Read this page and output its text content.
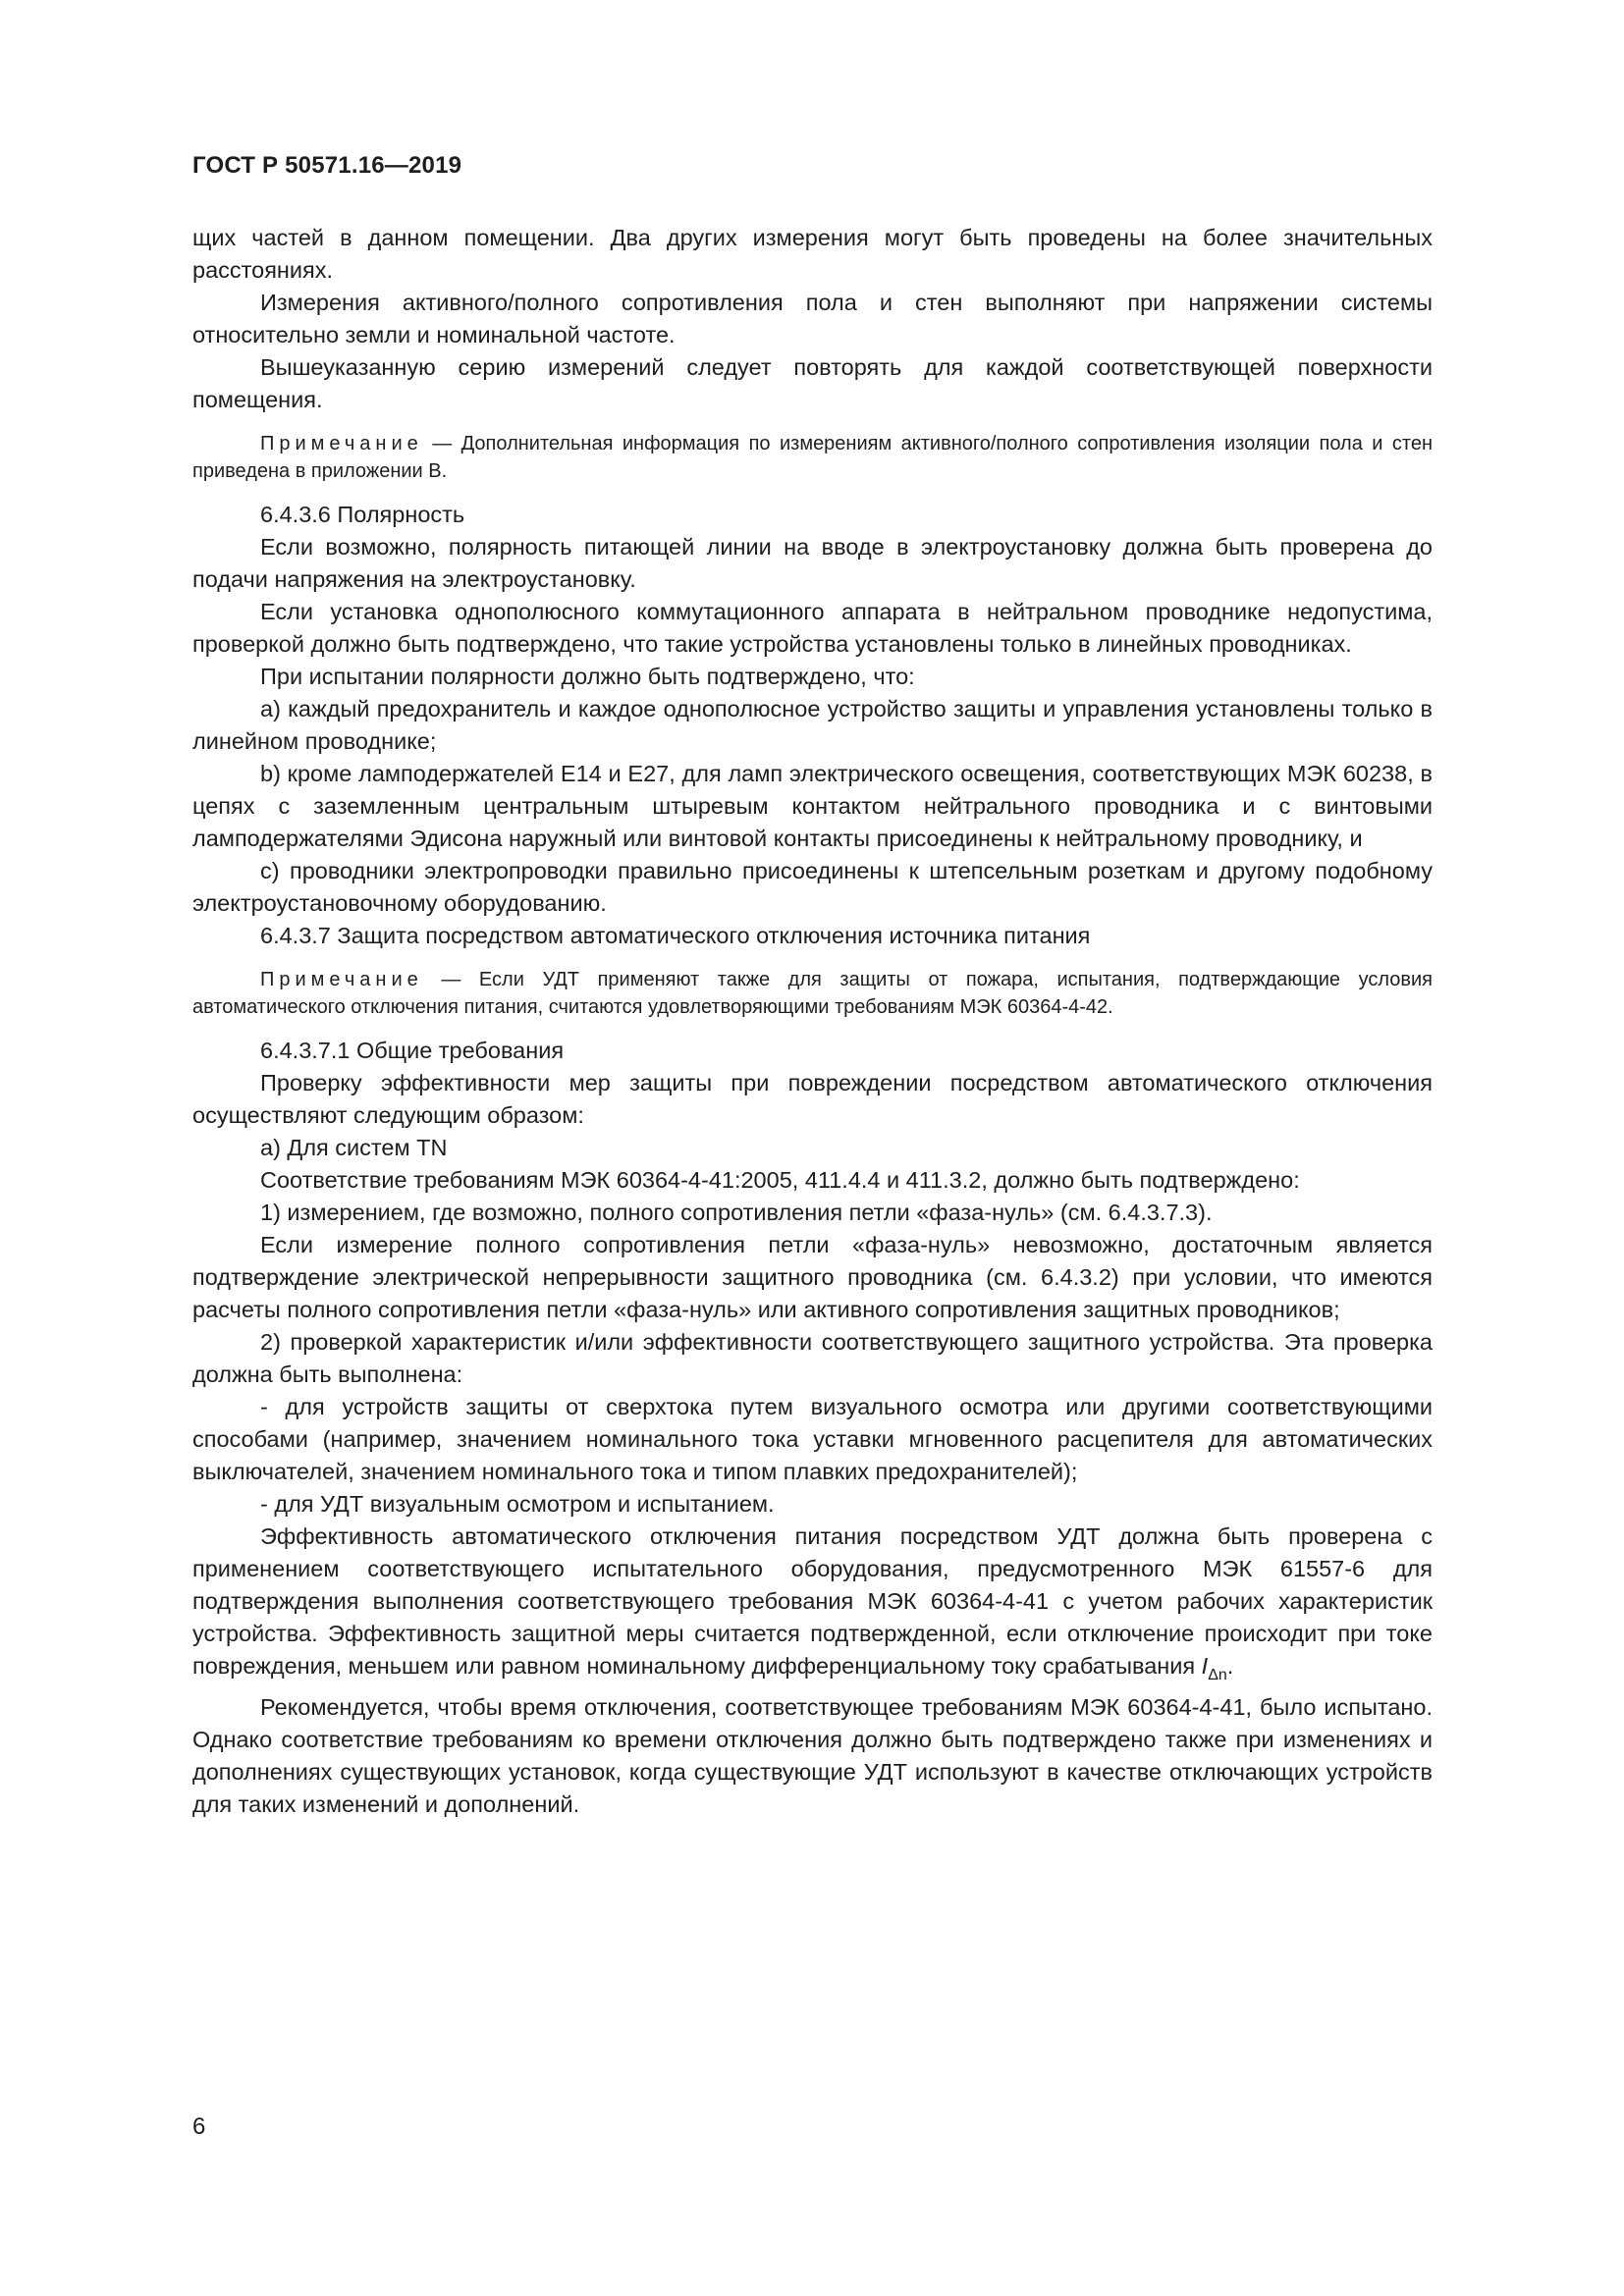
ГОСТ Р 50571.16—2019

щих частей в данном помещении. Два других измерения могут быть проведены на более значительных расстояниях.

Измерения активного/полного сопротивления пола и стен выполняют при напряжении системы относительно земли и номинальной частоте.

Вышеуказанную серию измерений следует повторять для каждой соответствующей поверхности помещения.

Примечание — Дополнительная информация по измерениям активного/полного сопротивления изоляции пола и стен приведена в приложении В.

6.4.3.6 Полярность

Если возможно, полярность питающей линии на вводе в электроустановку должна быть проверена до подачи напряжения на электроустановку.

Если установка однополюсного коммутационного аппарата в нейтральном проводнике недопустима, проверкой должно быть подтверждено, что такие устройства установлены только в линейных проводниках.

При испытании полярности должно быть подтверждено, что:

a) каждый предохранитель и каждое однополюсное устройство защиты и управления установлены только в линейном проводнике;

b) кроме ламподержателей E14 и E27, для ламп электрического освещения, соответствующих МЭК 60238, в цепях с заземленным центральным штыревым контактом нейтрального проводника и с винтовыми ламподержателями Эдисона наружный или винтовой контакты присоединены к нейтральному проводнику, и

c) проводники электропроводки правильно присоединены к штепсельным розеткам и другому подобному электроустановочному оборудованию.

6.4.3.7 Защита посредством автоматического отключения источника питания

Примечание — Если УДТ применяют также для защиты от пожара, испытания, подтверждающие условия автоматического отключения питания, считаются удовлетворяющими требованиям МЭК 60364-4-42.

6.4.3.7.1 Общие требования

Проверку эффективности мер защиты при повреждении посредством автоматического отключения осуществляют следующим образом:

a) Для систем TN

Соответствие требованиям МЭК 60364-4-41:2005, 411.4.4 и 411.3.2, должно быть подтверждено:

1) измерением, где возможно, полного сопротивления петли «фаза-нуль» (см. 6.4.3.7.3).

Если измерение полного сопротивления петли «фаза-нуль» невозможно, достаточным является подтверждение электрической непрерывности защитного проводника (см. 6.4.3.2) при условии, что имеются расчеты полного сопротивления петли «фаза-нуль» или активного сопротивления защитных проводников;

2) проверкой характеристик и/или эффективности соответствующего защитного устройства. Эта проверка должна быть выполнена:

- для устройств защиты от сверхтока путем визуального осмотра или другими соответствующими способами (например, значением номинального тока уставки мгновенного расцепителя для автоматических выключателей, значением номинального тока и типом плавких предохранителей);

- для УДТ визуальным осмотром и испытанием.

Эффективность автоматического отключения питания посредством УДТ должна быть проверена с применением соответствующего испытательного оборудования, предусмотренного МЭК 61557-6 для подтверждения выполнения соответствующего требования МЭК 60364-4-41 с учетом рабочих характеристик устройства. Эффективность защитной меры считается подтвержденной, если отключение происходит при токе повреждения, меньшем или равном номинальному дифференциальному току срабатывания $I_{\Delta n}$.

Рекомендуется, чтобы время отключения, соответствующее требованиям МЭК 60364-4-41, было испытано. Однако соответствие требованиям ко времени отключения должно быть подтверждено также при изменениях и дополнениях существующих установок, когда существующие УДТ используют в качестве отключающих устройств для таких изменений и дополнений.

6
